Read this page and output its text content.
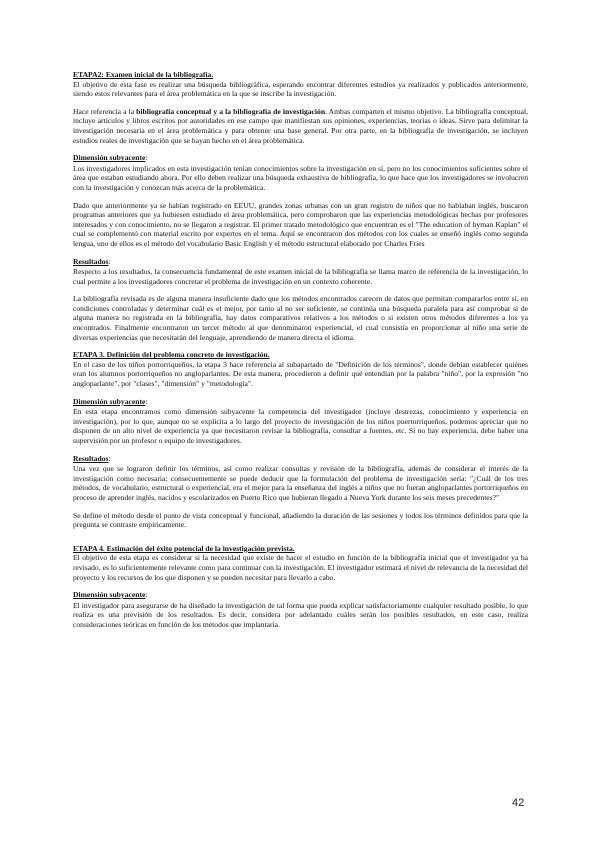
ETAPA2: Examen inicial de la bibliografía.

El objetivo de esta fase es realizar una búsqueda bibliográfica, esperando encontrar diferentes estudios ya realizados y publicados anteriormente, siendo estos relevantes para el área problemática en la que se inscribe la investigación.

Hace referencia a la bibliografía conceptual y a la bibliografía de investigación. Ambas comparten el mismo objetivo. La bibliografía conceptual, incluye artículos y libros escritos por autoridades en ese campo que manifiestan sus opiniones, experiencias, teorías o ideas. Sirve para delimitar la investigación necesaria en el área problemática y para obtener una base general. Por otra parte, en la bibliografía de investigación, se incluyen estudios reales de investigación que se hayan hecho en el área problemática.

Dimensión subyacente:

Los investigadores implicados en esta investigación tenían conocimientos sobre la investigación en sí, pero no los conocimientos suficientes sobre el área que estaban estudiando ahora. Por ello deben realizar una búsqueda exhaustiva de bibliografía, lo que hace que los investigadores se involucren con la investigación y conozcan más acerca de la problemática.

Dado que anteriormente ya se habían registrado en EEUU, grandes zonas urbanas con un gran registro de niños que no hablaban inglés, buscaron programas anteriores que ya hubiesen estudiado el área problemática, pero comprobaron que las experiencias metodológicas hechas por profesores interesados y con conocimiento, no se llegaron a registrar. El primer tratado metodológico que encuentran es el "The education of hyman Kaplan" el cual se complementó con material escrito por expertos en el tema. Aquí se encontraron dos métodos con los cuales se enseñó inglés como segunda lengua, uno de ellos es el método del vocabulario Basic English y el método estructural elaborado por Charles Fries

Resultados:

Respecto a los resultados, la consecuencia fundamental de este examen inicial de la bibliografía se llama marco de referencia de la investigación, lo cual permite a los investigadores concretar el problema de investigación en un contexto coherente.

La bibliografía revisada es de alguna manera insuficiente dado que los métodos encontrados carecen de datos que permitan compararlos entre sí, en condiciones controladas y determinar cuál es el mejor, por tanto al no ser suficiente, se continúa una búsqueda paralela para así comprobar si de alguna manera no registrada en la bibliografía, hay datos comparativos relativos a los métodos o si existen otros métodos diferentes a los ya encontrados. Finalmente encontraron un tercer método al que denominaron experiencial, el cual consistía en proporcionar al niño una serie de diversas experiencias que necesitarán del lenguaje, aprendiendo de manera directa el idioma.

ETAPA 3. Definición del problema concreto de investigación.

En el caso de los niños portorriqueños, la etapa 3 hace referencia al subapartado de "Definición de los términos", donde debían establecer quiénes eran los alumnos portorriqueños no angloparlantes. De esta manera, procedieron a definir qué entendían por la palabra "niño", por la expresión "no angloparlante", por "clases", "dimensión" y "metodología".

Dimensión subyacente:

En esta etapa encontramos como dimensión subyacente la competencia del investigador (incluye destrezas, conocimiento y experiencia en investigación), por lo que, aunque no se explicita a lo largo del proyecto de investigación de los niños puertorriqueños, podemos apreciar que no disponen de un alto nivel de experiencia ya que necesitaron revisar la bibliografía, consultar a fuentes, etc. Si no hay experiencia, debe haber una supervisión por un profesor o equipo de investigadores.

Resultados:

Una vez que se lograron definir los términos, así como realizar consultas y revisión de la bibliografía, además de considerar el interés de la investigación como necesaria; consecuentemente se puede deducir que la formulación del problema de investigación sería: "¿Cuál de los tres métodos, de vocabulario, estructural o experiencial, era el mejor para la enseñanza del inglés a niños que no fueran angloparlantes portorriqueños en proceso de aprender inglés, nacidos y escolarizados en Puerto Rico que hubieran llegado a Nueva York durante los seis meses precedentes?"

Se define el método desde el punto de vista conceptual y funcional, añadiendo la duración de las sesiones y todos los términos definidos para que la pregunta se contraste empíricamente.

ETAPA 4. Estimación del éxito potencial de la investigación prevista.

El objetivo de esta etapa es considerar si la necesidad que existe de hacer el estudio en función de la bibliografía inicial que el investigador ya ha revisado, es lo suficientemente relevante como para continuar con la investigación. El investigador estimará el nivel de relevancia de la necesidad del proyecto y los recursos de los que disponen y se pueden necesitar para llevarlo a cabo.

Dimensión subyacente:

El investigador para asegurarse de ha diseñado la investigación de tal forma que pueda explicar satisfactoriamente cualquier resultado posible, lo que realiza es una previsión de los resultados. Es decir, considera por adelantado cuáles serán los posibles resultados, en este caso, realiza consideraciones teóricas en función de los métodos que implantaría.

42
